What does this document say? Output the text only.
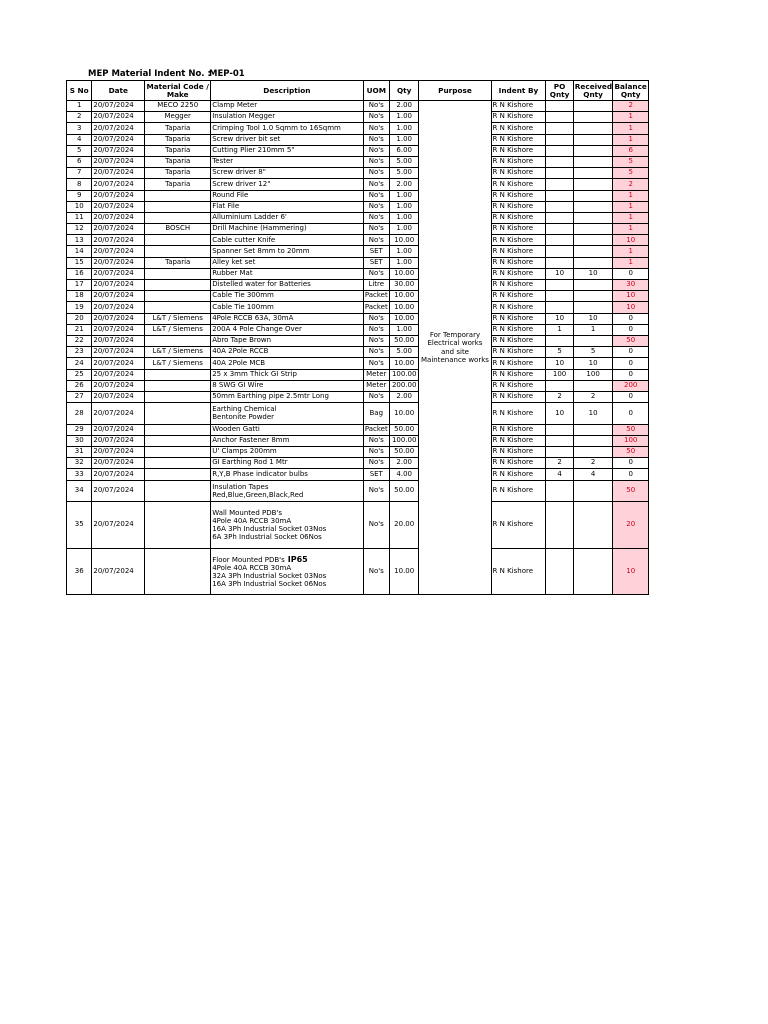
MEP Material Indent No. :
MEP-01
S No	Date	Material Code / Make	Description	UOM	Qty	Purpose	Indent By	PO Qnty	Received Qnty	Balance Qnty
1	20/07/2024	MECO 2250	Clamp Meter	No's	2.00	For Temporary Electrical works and site Maintenance works	R N Kishore			2
2	20/07/2024	Megger	Insulation Megger	No's	1.00		R N Kishore			1
3	20/07/2024	Taparia	Crimping Tool 1.0 Sqmm to 16Sqmm	No's	1.00		R N Kishore			1
4	20/07/2024	Taparia	Screw driver bit set	No's	1.00		R N Kishore			1
5	20/07/2024	Taparia	Cutting Plier 210mm 5"	No's	6.00		R N Kishore			6
6	20/07/2024	Taparia	Tester	No's	5.00		R N Kishore			5
7	20/07/2024	Taparia	Screw driver 8"	No's	5.00		R N Kishore			5
8	20/07/2024	Taparia	Screw driver 12"	No's	2.00		R N Kishore			2
9	20/07/2024		Round File	No's	1.00		R N Kishore			1
10	20/07/2024		Flat File	No's	1.00		R N Kishore			1
11	20/07/2024		Alluminium Ladder 6'	No's	1.00		R N Kishore			1
12	20/07/2024	BOSCH	Drill Machine (Hammering)	No's	1.00		R N Kishore			1
13	20/07/2024		Cable cutter Knife	No's	10.00		R N Kishore			10
14	20/07/2024		Spanner Set 8mm to 20mm	SET	1.00		R N Kishore			1
15	20/07/2024	Taparia	Alley ket set	SET	1.00		R N Kishore			1
16	20/07/2024		Rubber Mat	No's	10.00		R N Kishore	10	10	0
17	20/07/2024		Distelled water for Batteries	Litre	30.00		R N Kishore			30
18	20/07/2024		Cable Tie 300mm	Packet	10.00		R N Kishore			10
19	20/07/2024		Cable Tie 100mm	Packet	10.00		R N Kishore			10
20	20/07/2024	L&T / Siemens	4Pole RCCB 63A, 30mA	No's	10.00		R N Kishore	10	10	0
21	20/07/2024	L&T / Siemens	200A 4 Pole Change Over	No's	1.00		R N Kishore	1	1	0
22	20/07/2024		Abro Tape Brown	No's	50.00		R N Kishore			50
23	20/07/2024	L&T / Siemens	40A 2Pole RCCB	No's	5.00		R N Kishore	5	5	0
24	20/07/2024	L&T / Siemens	40A 2Pole MCB	No's	10.00		R N Kishore	10	10	0
25	20/07/2024		25 x 3mm Thick GI Strip	Meter	100.00		R N Kishore	100	100	0
26	20/07/2024		8 SWG GI Wire	Meter	200.00		R N Kishore			200
27	20/07/2024		50mm Earthing pipe 2.5mtr Long	No's	2.00		R N Kishore	2	2	0
28	20/07/2024		Earthing Chemical
Bentonite Powder	Bag	10.00		R N Kishore	10	10	0
29	20/07/2024		Wooden Gatti	Packet	50.00		R N Kishore			50
30	20/07/2024		Anchor Fastener 8mm	No's	100.00		R N Kishore			100
31	20/07/2024		U' Clamps 200mm	No's	50.00		R N Kishore			50
32	20/07/2024		GI Earthing Rod 1 Mtr	No's	2.00		R N Kishore	2	2	0
33	20/07/2024		R,Y,B Phase indicator bulbs	SET	4.00		R N Kishore	4	4	0
34	20/07/2024		Insulation Tapes
Red,Blue,Green,Black,Red	No's	50.00		R N Kishore			50
35	20/07/2024		Wall Mounted PDB's
4Pole 40A RCCB 30mA
16A 3Ph Industrial Socket 03Nos
6A 3Ph Industrial Socket 06Nos	No's	20.00		R N Kishore			20
36	20/07/2024		Floor Mounted PDB's IP65
4Pole 40A RCCB 30mA
32A 3Ph Industrial Socket 03Nos
16A 3Ph Industrial Socket 06Nos	No's	10.00		R N Kishore			10
